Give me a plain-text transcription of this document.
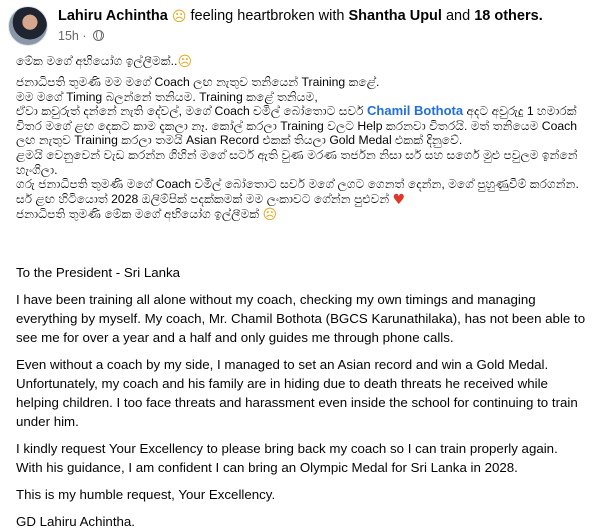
Lahiru Achintha ☹ feeling heartbroken with Shantha Upul and 18 others.
15h ·

මේක මගේ අභියෝග ඉල්ලීමක්..☹

ජනාධිපති තුමණි මම මගේ Coach ලඟ නැතුව තනියෙන් Training කළේ.

මම මගේ Timing බලන්නේ තනියම. Training කළේ තනියම,

ඒවා කවුරුත් දන්නේ නැති දේවල්, මගේ Coach චමිල් බෝතොට සර්ව Chamil Bothota අදට අවුරුදු 1 හමාරක්

විතර මගේ ළඟ දෙකට කාම දැකලා නෑ. කෝල් කරලා Training වලට Help කරනවා විතරයි. මත් තනියෙම Coach

ලඟ නැතුව Training කරලා තමයි Asian Record එකක් තියලා Gold Medal එකක් දිනුවේ.

ළමයි වෙනුවෙන් වැඩ කරන්න ගිහින් මගේ සර්ට ඇති වුණ මරණ තර්ජන නිසා සර් සහ සර්ගෙ මුළු පවුලම ඉන්නේ

හැංගිලා.

ගරු ජනාධිපති තුමණි මගේ Coach චමිල් බෝතොට සර්ව මගේ ලගට ගෙනත් දෙන්න, මගේ පුහුණුවීම් කරගන්න.

සර් ළඟ හිටියොත් 2028 ඔලිම්පික් පදක්කමක් මම ලංකාවට ගේන්න පුළුවන් ♥

ජනාධිපති තුමණි මේක මගේ අභියෝග ඉල්ලීමක් ☹

To the President - Sri Lanka

I have been training all alone without my coach, checking my own timings and managing everything by myself. My coach, Mr. Chamil Bothota (BGCS Karunathilaka), has not been able to see me for over a year and a half and only guides me through phone calls.

Even without a coach by my side, I managed to set an Asian record and win a Gold Medal. Unfortunately, my coach and his family are in hiding due to death threats he received while helping children. I too face threats and harassment even inside the school for continuing to train under him.

I kindly request Your Excellency to please bring back my coach so I can train properly again. With his guidance, I am confident I can bring an Olympic Medal for Sri Lanka in 2028.

This is my humble request, Your Excellency.

GD Lahiru Achintha.
